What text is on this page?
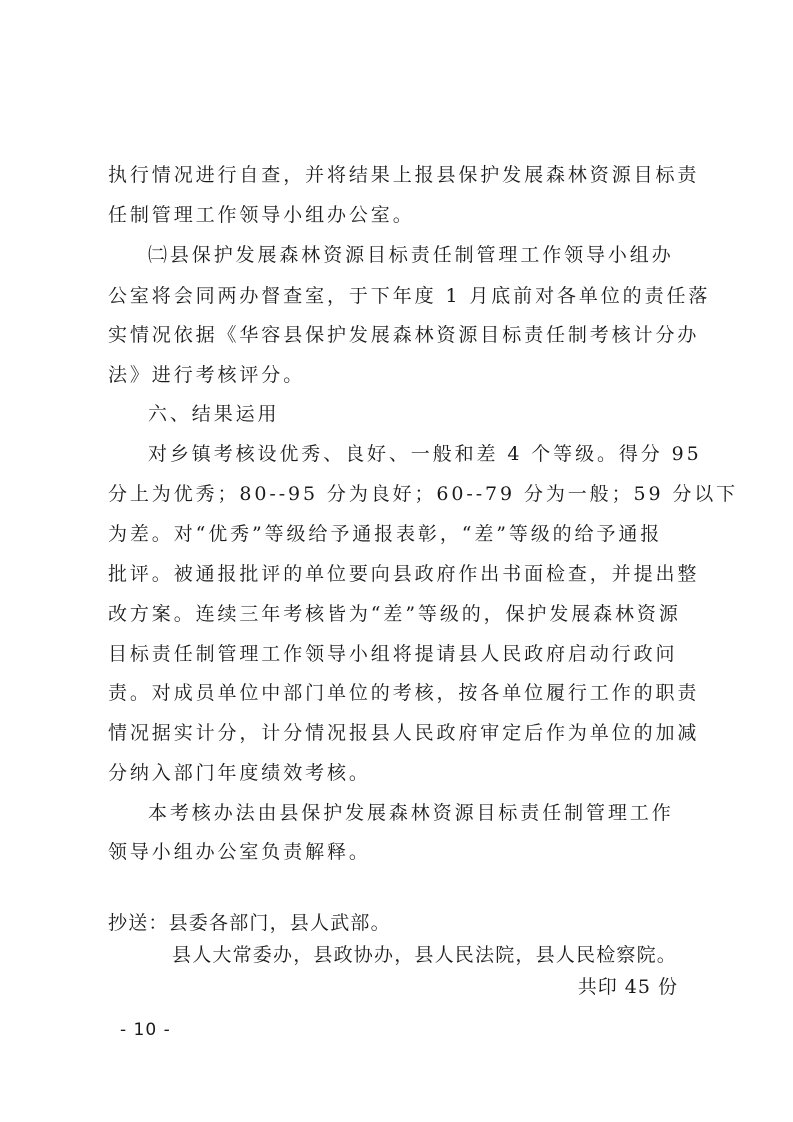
执行情况进行自查，并将结果上报县保护发展森林资源目标责
任制管理工作领导小组办公室。
㈡县保护发展森林资源目标责任制管理工作领导小组办
公室将会同两办督查室，于下年度 1 月底前对各单位的责任落
实情况依据《华容县保护发展森林资源目标责任制考核计分办
法》进行考核评分。
六、结果运用
对乡镇考核设优秀、良好、一般和差 4 个等级。得分 95
分上为优秀；80--95 分为良好；60--79 分为一般；59 分以下
为差。对“优秀”等级给予通报表彰，“差”等级的给予通报
批评。被通报批评的单位要向县政府作出书面检查，并提出整
改方案。连续三年考核皆为“差”等级的，保护发展森林资源
目标责任制管理工作领导小组将提请县人民政府启动行政问
责。对成员单位中部门单位的考核，按各单位履行工作的职责
情况据实计分，计分情况报县人民政府审定后作为单位的加减
分纳入部门年度绩效考核。
本考核办法由县保护发展森林资源目标责任制管理工作
领导小组办公室负责解释。
抄送：县委各部门，县人武部。
县人大常委办，县政协办，县人民法院，县人民检察院。
共印 45 份
- 10 -
